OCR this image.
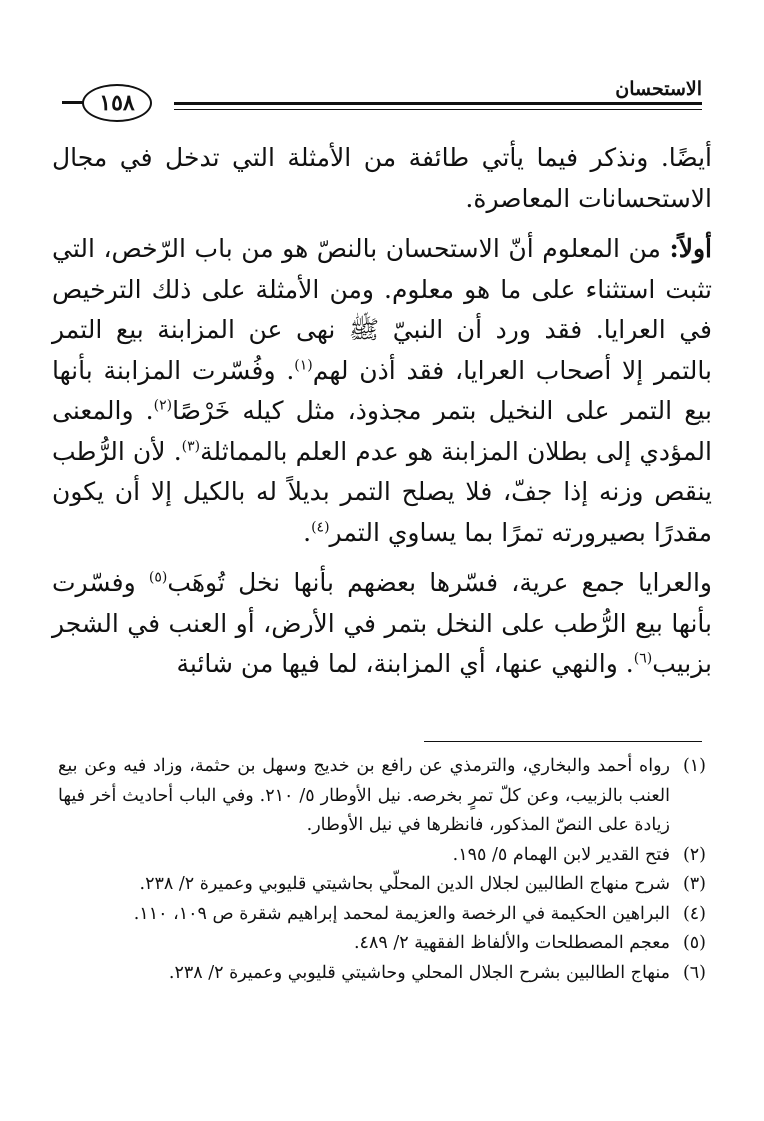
الاستحسان
١٥٨

أيضًا. ونذكر فيما يأتي طائفة من الأمثلة التي تدخل في مجال الاستحسانات المعاصرة.

أولاً: من المعلوم أنّ الاستحسان بالنصّ هو من باب الرّخص، التي تثبت استثناء على ما هو معلوم. ومن الأمثلة على ذلك الترخيص في العرايا. فقد ورد أن النبيّ ﷺ نهى عن المزابنة بيع التمر بالتمر إلا أصحاب العرايا، فقد أذن لهم$^{(١)}$. وفُسّرت المزابنة بأنها بيع التمر على النخيل بتمر مجذوذ، مثل كيله خَرْصًا$^{(٢)}$. والمعنى المؤدي إلى بطلان المزابنة هو عدم العلم بالمماثلة$^{(٣)}$. لأن الرُّطب ينقص وزنه إذا جفّ، فلا يصلح التمر بديلاً له بالكيل إلا أن يكون مقدرًا بصيرورته تمرًا بما يساوي التمر$^{(٤)}$.

والعرايا جمع عرية، فسّرها بعضهم بأنها نخل تُوهَب$^{(٥)}$ وفسّرت بأنها بيع الرُّطب على النخل بتمر في الأرض، أو العنب في الشجر بزبيب$^{(٦)}$. والنهي عنها، أي المزابنة، لما فيها من شائبة

(١)
رواه أحمد والبخاري، والترمذي عن رافع بن خديج وسهل بن حثمة، وزاد فيه وعن بيع العنب بالزبيب، وعن كلّ تمرٍ بخرصه. نيل الأوطار ٥/ ٢١٠. وفي الباب أحاديث أخر فيها زيادة على النصّ المذكور، فانظرها في نيل الأوطار.
(٢)
فتح القدير لابن الهمام ٥/ ١٩٥.
(٣)
شرح منهاج الطالبين لجلال الدين المحلّي بحاشيتي قليوبي وعميرة ٢/ ٢٣٨.
(٤)
البراهين الحكيمة في الرخصة والعزيمة لمحمد إبراهيم شقرة ص ١٠٩، ١١٠.
(٥)
معجم المصطلحات والألفاظ الفقهية ٢/ ٤٨٩.
(٦)
منهاج الطالبين بشرح الجلال المحلي وحاشيتي قليوبي وعميرة ٢/ ٢٣٨.
